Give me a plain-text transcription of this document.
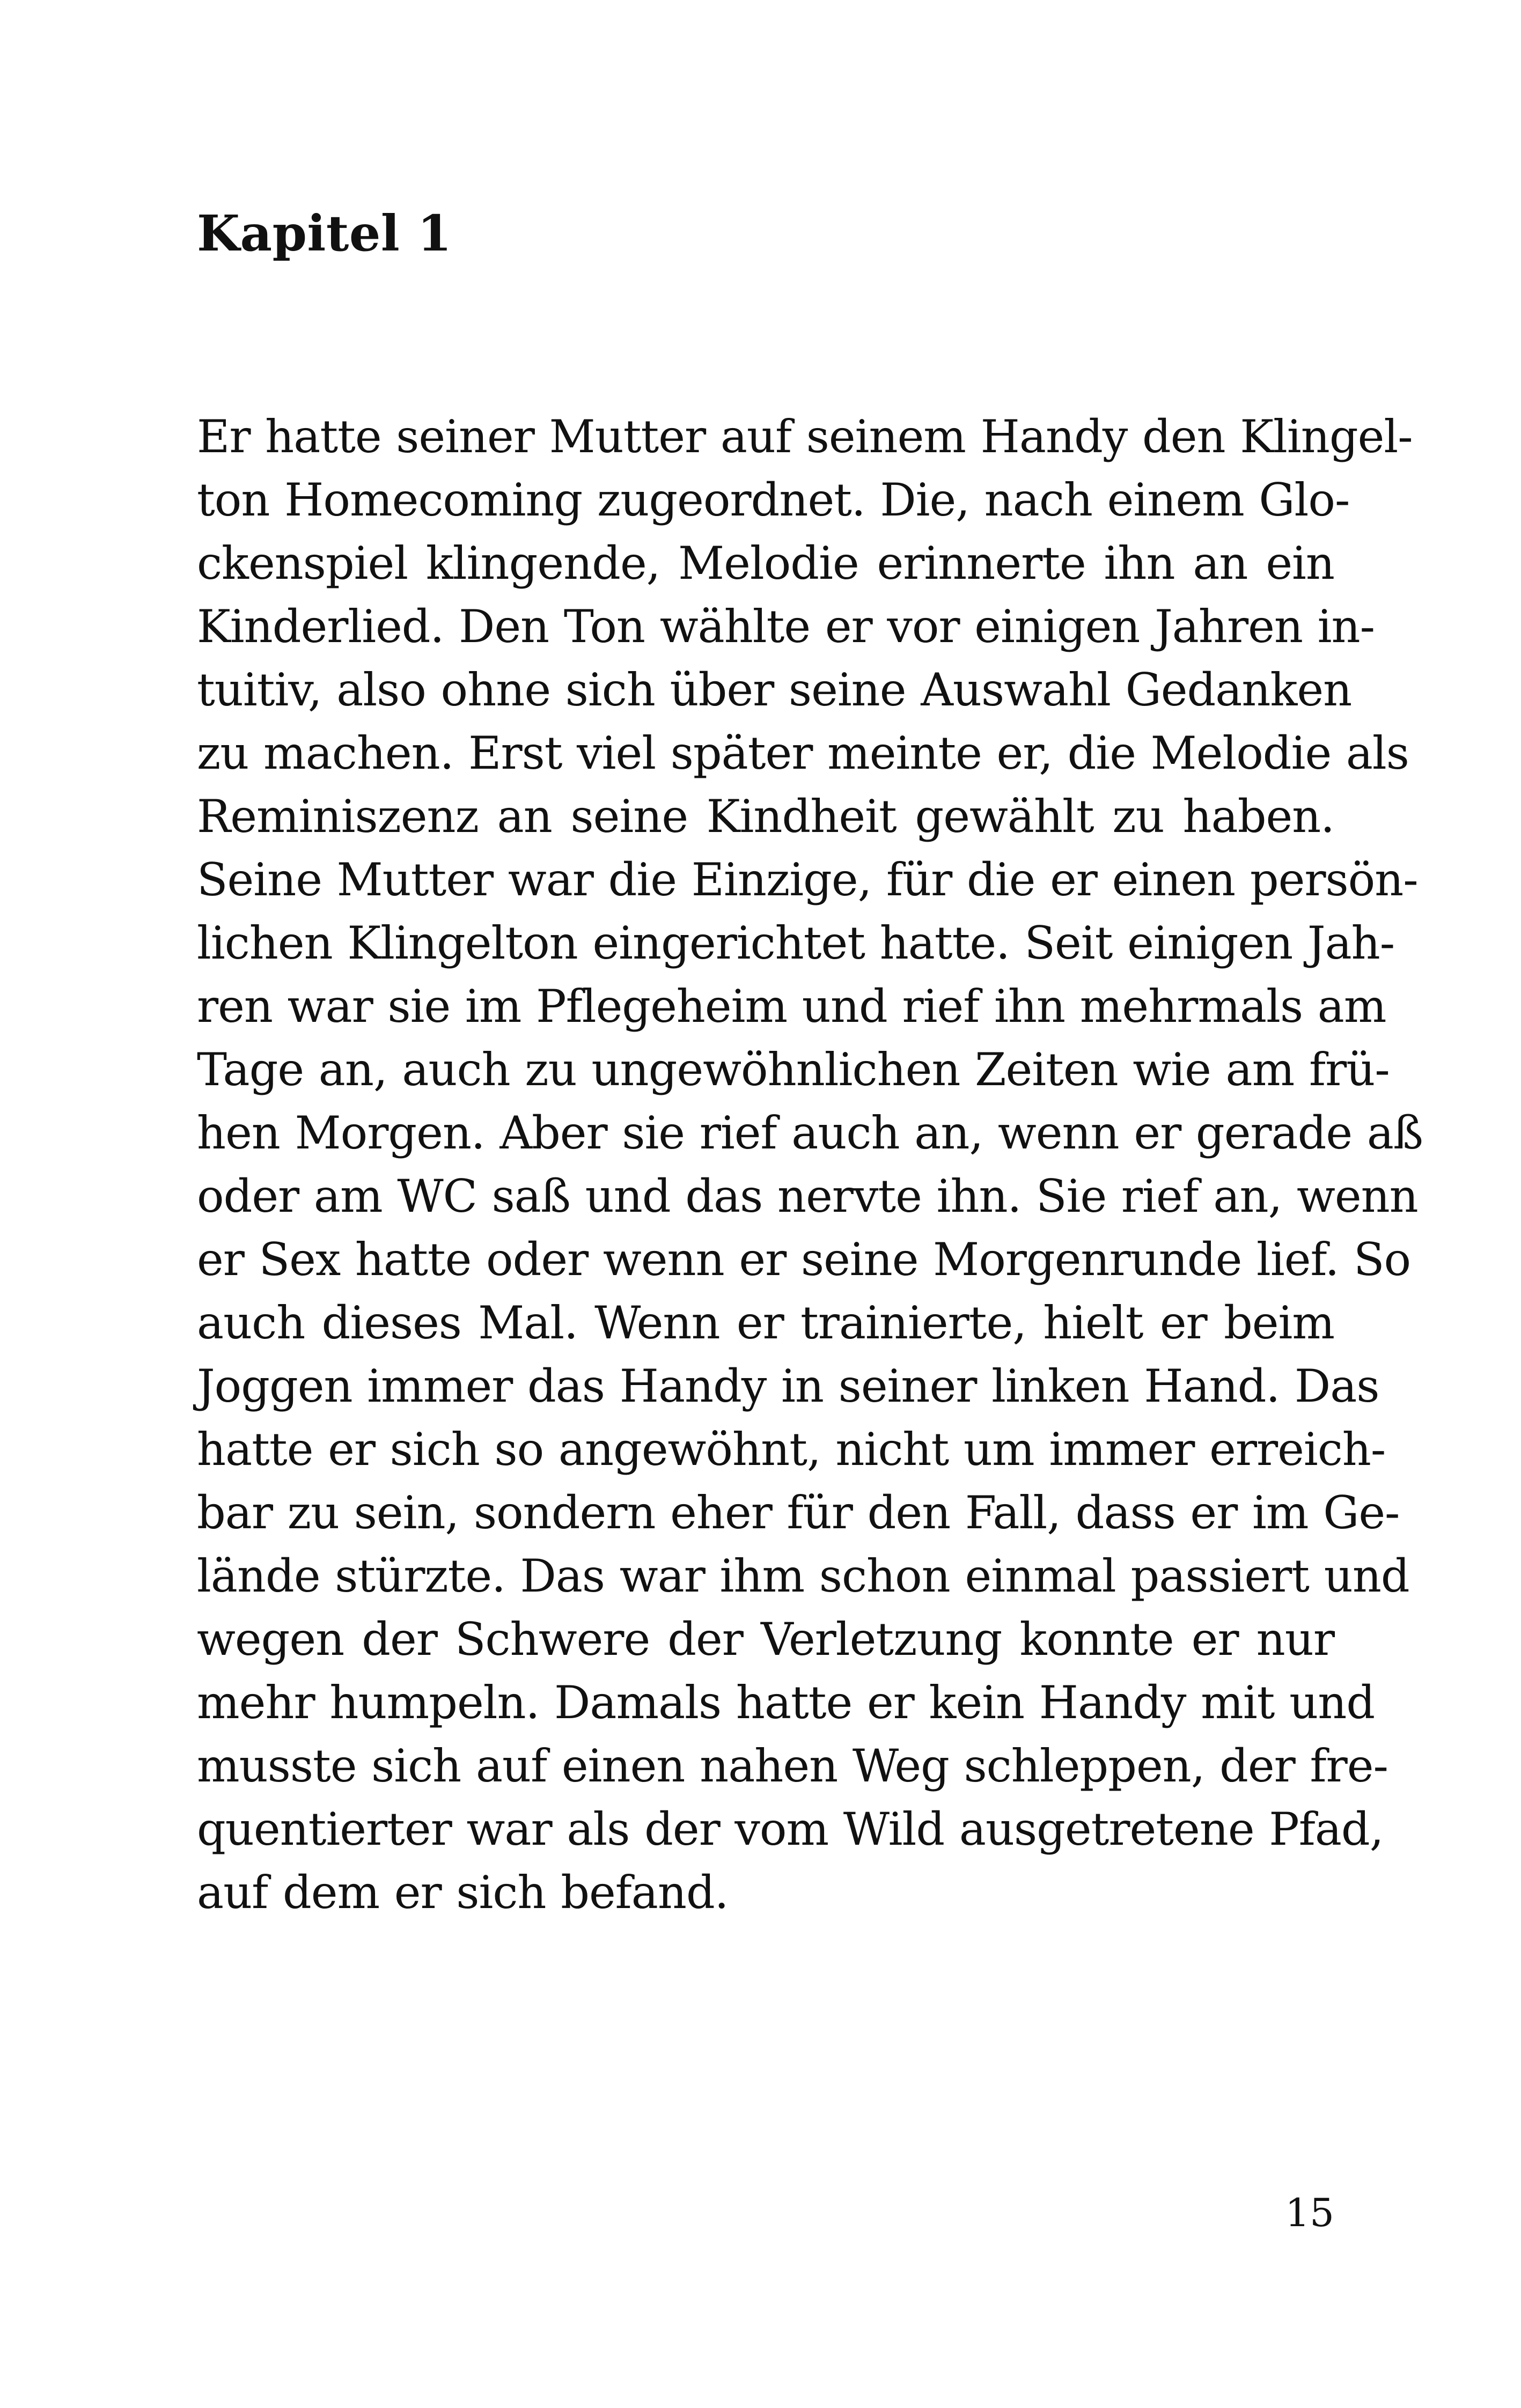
Kapitel 1
Er hatte seiner Mutter auf seinem Handy den Klingel-
ton Homecoming zugeordnet. Die, nach einem Glo-
ckenspiel klingende, Melodie erinnerte ihn an ein
Kinderlied. Den Ton wählte er vor einigen Jahren in-
tuitiv, also ohne sich über seine Auswahl Gedanken
zu machen. Erst viel später meinte er, die Melodie als
Reminiszenz an seine Kindheit gewählt zu haben.
Seine Mutter war die Einzige, für die er einen persön-
lichen Klingelton eingerichtet hatte. Seit einigen Jah-
ren war sie im Pflegeheim und rief ihn mehrmals am
Tage an, auch zu ungewöhnlichen Zeiten wie am frü-
hen Morgen. Aber sie rief auch an, wenn er gerade aß
oder am WC saß und das nervte ihn. Sie rief an, wenn
er Sex hatte oder wenn er seine Morgenrunde lief. So
auch dieses Mal. Wenn er trainierte, hielt er beim
Joggen immer das Handy in seiner linken Hand. Das
hatte er sich so angewöhnt, nicht um immer erreich-
bar zu sein, sondern eher für den Fall, dass er im Ge-
lände stürzte. Das war ihm schon einmal passiert und
wegen der Schwere der Verletzung konnte er nur
mehr humpeln. Damals hatte er kein Handy mit und
musste sich auf einen nahen Weg schleppen, der fre-
quentierter war als der vom Wild ausgetretene Pfad,
auf dem er sich befand.
15
